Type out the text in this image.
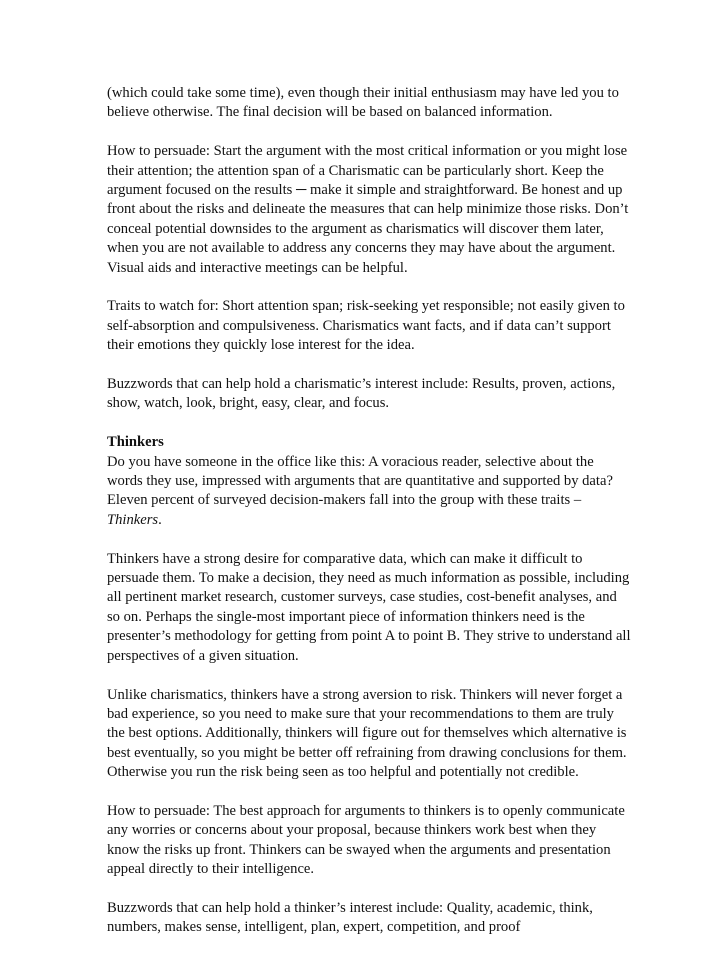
(which could take some time), even though their initial enthusiasm may have led you to believe otherwise. The final decision will be based on balanced information.

How to persuade: Start the argument with the most critical information or you might lose their attention; the attention span of a Charismatic can be particularly short. Keep the argument focused on the results ─ make it simple and straightforward. Be honest and up front about the risks and delineate the measures that can help minimize those risks. Don’t conceal potential downsides to the argument as charismatics will discover them later, when you are not available to address any concerns they may have about the argument. Visual aids and interactive meetings can be helpful.

Traits to watch for: Short attention span; risk-seeking yet responsible; not easily given to self-absorption and compulsiveness. Charismatics want facts, and if data can’t support their emotions they quickly lose interest for the idea.

Buzzwords that can help hold a charismatic’s interest include: Results, proven, actions, show, watch, look, bright, easy, clear, and focus.

Thinkers
Do you have someone in the office like this: A voracious reader, selective about the words they use, impressed with arguments that are quantitative and supported by data? Eleven percent of surveyed decision-makers fall into the group with these traits – Thinkers.

Thinkers have a strong desire for comparative data, which can make it difficult to persuade them. To make a decision, they need as much information as possible, including all pertinent market research, customer surveys, case studies, cost-benefit analyses, and so on. Perhaps the single-most important piece of information thinkers need is the presenter’s methodology for getting from point A to point B. They strive to understand all perspectives of a given situation.

Unlike charismatics, thinkers have a strong aversion to risk. Thinkers will never forget a bad experience, so you need to make sure that your recommendations to them are truly the best options. Additionally, thinkers will figure out for themselves which alternative is best eventually, so you might be better off refraining from drawing conclusions for them. Otherwise you run the risk being seen as too helpful and potentially not credible.

How to persuade: The best approach for arguments to thinkers is to openly communicate any worries or concerns about your proposal, because thinkers work best when they know the risks up front. Thinkers can be swayed when the arguments and presentation appeal directly to their intelligence.

Buzzwords that can help hold a thinker’s interest include: Quality, academic, think, numbers, makes sense, intelligent, plan, expert, competition, and proof
